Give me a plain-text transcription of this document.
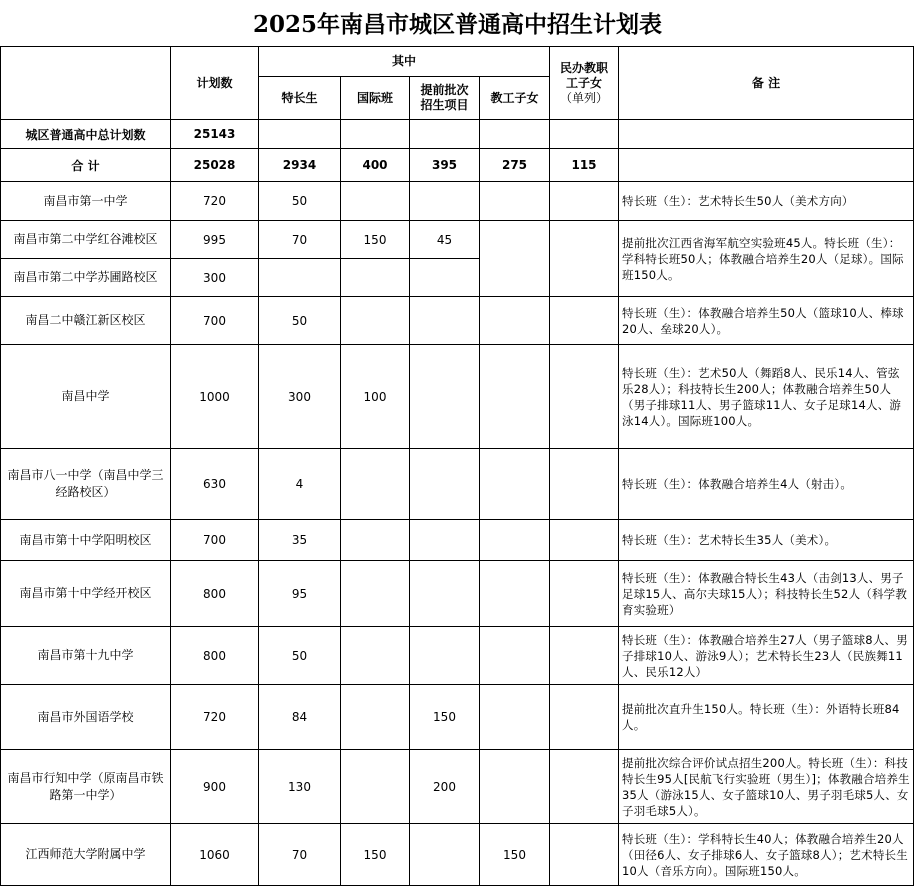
2025年南昌市城区普通高中招生计划表
	计划数	其中				民办教职
工子女
（单列）	备 注
		特长生	国际班	提前批次
招生项目	教工子女		
城区普通高中总计划数	25143						
合 计	25028	2934	400	395	275	115	
南昌市第一中学	720	50					特长班（生）：艺术特长生50人（美术方向）
南昌市第二中学红谷滩校区	995	70	150	45			提前批次江西省海军航空实验班45人。特长班（生）：学科特长班50人；体教融合培养生20人（足球）。国际班150人。
南昌市第二中学苏圃路校区	300						
南昌二中赣江新区校区	700	50					特长班（生）：体教融合培养生50人（篮球10人、棒球20人、垒球20人）。
南昌中学	1000	300	100				特长班（生）：艺术50人（舞蹈8人、民乐14人、管弦乐28人）；科技特长生200人；体教融合培养生50人（男子排球11人、男子篮球11人、女子足球14人、游泳14人）。国际班100人。
南昌市八一中学（南昌中学三经路校区）	630	4					特长班（生）：体教融合培养生4人（射击）。
南昌市第十中学阳明校区	700	35					特长班（生）：艺术特长生35人（美术）。
南昌市第十中学经开校区	800	95					特长班（生）：体教融合特长生43人（击剑13人、男子足球15人、高尔夫球15人）；科技特长生52人（科学教育实验班）
南昌市第十九中学	800	50					特长班（生）：体教融合培养生27人（男子篮球8人、男子排球10人、游泳9人）；艺术特长生23人（民族舞11人、民乐12人）
南昌市外国语学校	720	84		150			提前批次直升生150人。特长班（生）：外语特长班84人。
南昌市行知中学（原南昌市铁路第一中学）	900	130		200			提前批次综合评价试点招生200人。特长班（生）：科技特长生95人[民航飞行实验班（男生）]；体教融合培养生35人（游泳15人、女子篮球10人、男子羽毛球5人、女子羽毛球5人）。
江西师范大学附属中学	1060	70	150		150		特长班（生）：学科特长生40人；体教融合培养生20人（田径6人、女子排球6人、女子篮球8人）；艺术特长生10人（音乐方向）。国际班150人。
